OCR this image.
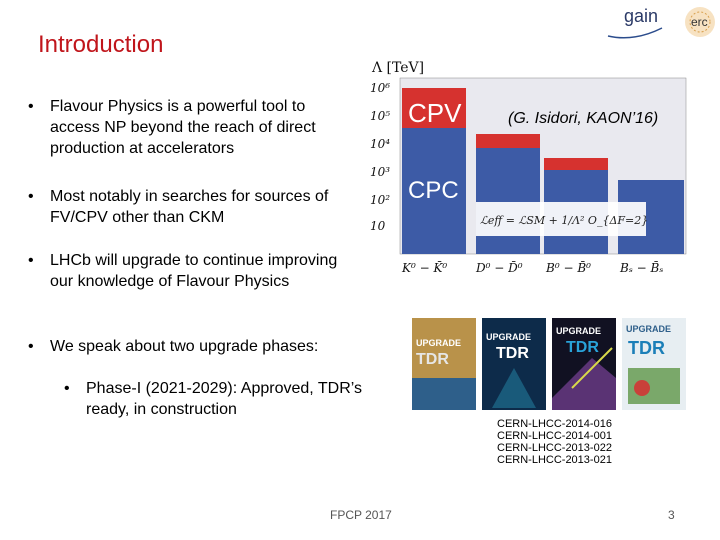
Introduction
gain	erc
• Flavour Physics is a powerful tool to access NP beyond the reach of direct production at accelerators
• Most notably in searches for sources of FV/CPV other than CKM
• LHCb will upgrade to continue improving our knowledge of Flavour Physics
• We speak about two upgrade phases:
• Phase-I (2021-2029): Approved, TDR’s ready, in construction
Λ [TeV]
10⁶
10⁵
10⁴
10³
10²
10
CPV
CPC
ℒeff = ℒSM + 1/Λ² O_{ΔF=2}
K⁰ − K̄⁰ D⁰ − D̄⁰ B⁰ − B̄⁰ Bₛ − B̄ₛ
(G. Isidori, KAON’16)
UPGRADE
TDR
UPGRADE
TDR
UPGRADE
TDR
UPGRADE
TDR
CERN-LHCC-2014-016
CERN-LHCC-2014-001
CERN-LHCC-2013-022
CERN-LHCC-2013-021
FPCP 2017	3
